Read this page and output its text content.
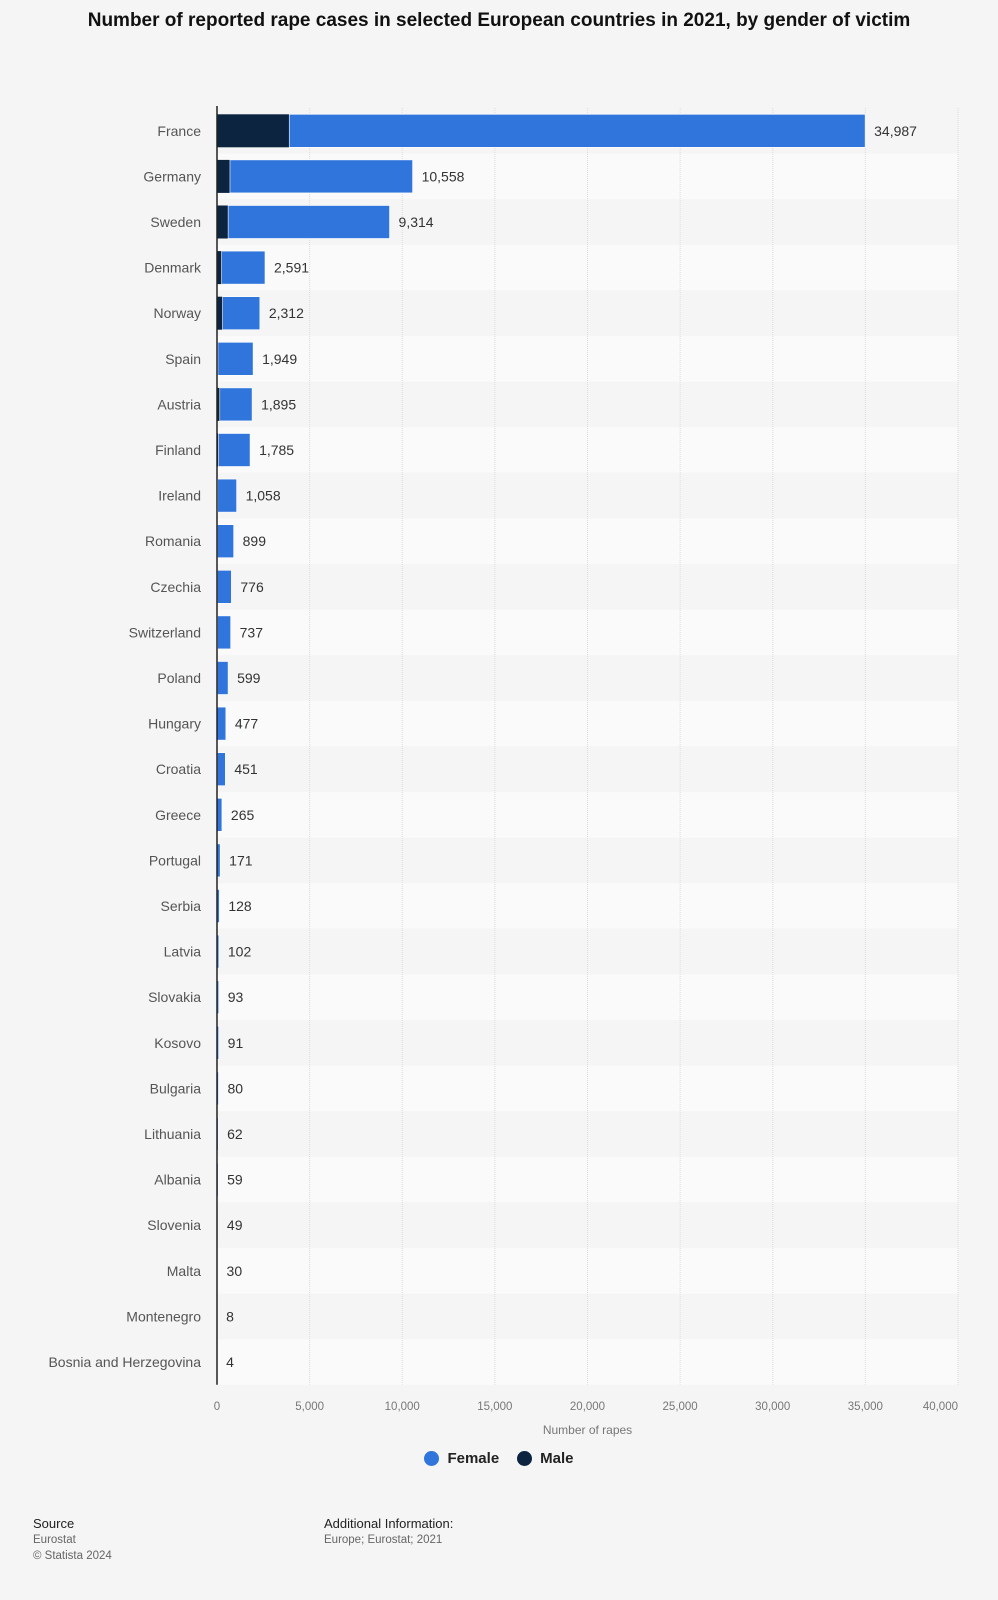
Number of reported rape cases in selected European countries in 2021, by gender of victim
34,987
France
10,558
Germany
9,314
Sweden
2,591
Denmark
2,312
Norway
1,949
Spain
1,895
Austria
1,785
Finland
1,058
Ireland
899
Romania
776
Czechia
737
Switzerland
599
Poland
477
Hungary
451
Croatia
265
Greece
171
Portugal
128
Serbia
102
Latvia
93
Slovakia
91
Kosovo
80
Bulgaria
62
Lithuania
59
Albania
49
Slovenia
30
Malta
8
Montenegro
4
Bosnia and Herzegovina
0	5,000	10,000	15,000	20,000	25,000	30,000	35,000	40,000
Number of rapes
Female	Male
Source
Eurostat
© Statista 2024
Additional Information:
Europe; Eurostat; 2021
